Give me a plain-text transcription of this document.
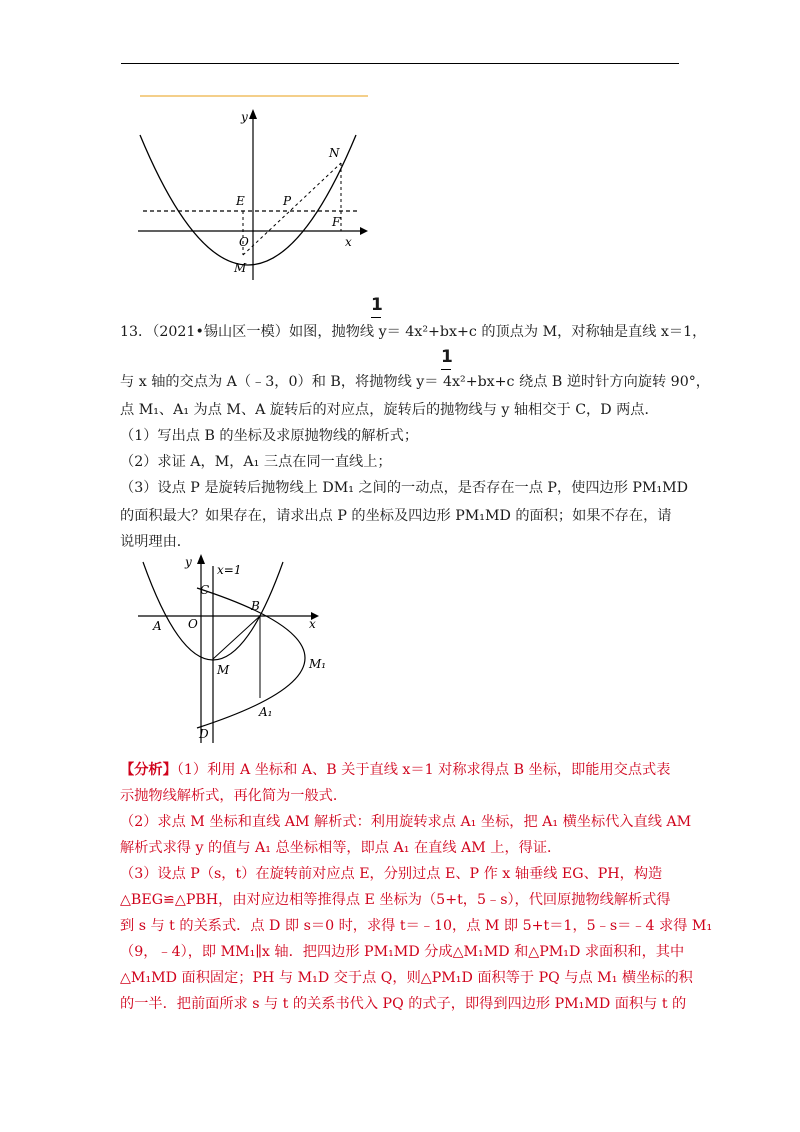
y
x
N
E	P
F
O
M
1
13．（2021•锡山区一模）如图，抛物线 y＝ 4x²+bx+c 的顶点为 M，对称轴是直线 x＝1，
1
与 x 轴的交点为 A（﹣3，0）和 B，将抛物线 y＝ 4x²+bx+c 绕点 B 逆时针方向旋转 90°，
点 M₁、A₁ 为点 M、A 旋转后的对应点，旋转后的抛物线与 y 轴相交于 C，D 两点．
（1）写出点 B 的坐标及求原抛物线的解析式；
（2）求证 A，M，A₁ 三点在同一直线上；
（3）设点 P 是旋转后抛物线上 DM₁ 之间的一动点，是否存在一点 P，使四边形 PM₁MD
的面积最大？如果存在，请求出点 P 的坐标及四边形 PM₁MD 的面积；如果不存在，请
说明理由．
y
x=1
C
B
x
A O
M	M₁
A₁
D
【分析】（1）利用 A 坐标和 A、B 关于直线 x＝1 对称求得点 B 坐标，即能用交点式表
示抛物线解析式，再化简为一般式．
（2）求点 M 坐标和直线 AM 解析式：利用旋转求点 A₁ 坐标，把 A₁ 横坐标代入直线 AM
解析式求得 y 的值与 A₁ 总坐标相等，即点 A₁ 在直线 AM 上，得证．
（3）设点 P（s，t）在旋转前对应点 E，分别过点 E、P 作 x 轴垂线 EG、PH，构造
△BEG≌△PBH，由对应边相等推得点 E 坐标为（5+t，5﹣s），代回原抛物线解析式得
到 s 与 t 的关系式．点 D 即 s＝0 时，求得 t＝﹣10，点 M 即 5+t＝1，5﹣s＝﹣4 求得 M₁
（9，﹣4），即 MM₁∥x 轴．把四边形 PM₁MD 分成△M₁MD 和△PM₁D 求面积和，其中
△M₁MD 面积固定；PH 与 M₁D 交于点 Q，则△PM₁D 面积等于 PQ 与点 M₁ 横坐标的积
的一半．把前面所求 s 与 t 的关系书代入 PQ 的式子，即得到四边形 PM₁MD 面积与 t 的
